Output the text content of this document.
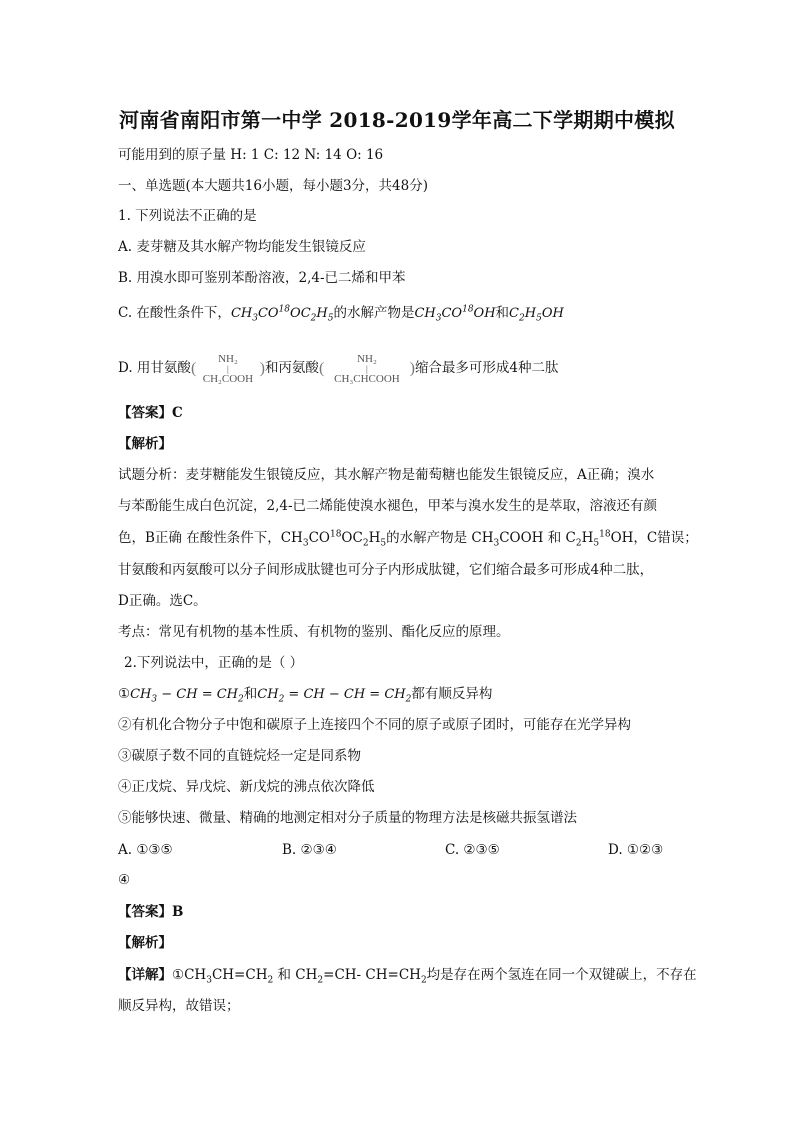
河南省南阳市第一中学 2018-2019学年高二下学期期中模拟
可能用到的原子量 H: 1 C: 12 N: 14 O: 16
一、单选题(本大题共16小题，每小题3分，共48分)
1. 下列说法不正确的是
A. 麦芽糖及其水解产物均能发生银镜反应
B. 用溴水即可鉴别苯酚溶液，2,4-已二烯和甲苯
C. 在酸性条件下，$CH_3CO^{18}OC_2H_5$的水解产物是$CH_3CO^{18}OH$和$C_2H_5OH$
D. 用甘氨酸 (
NH₂
|
CH₂COOH
) 和丙氨酸 (
NH₂
|
CH₃CHCOOH
) 缩合最多可形成4种二肽
【答案】C
【解析】
试题分析：麦芽糖能发生银镜反应，其水解产物是葡萄糖也能发生银镜反应，A正确；溴水
与苯酚能生成白色沉淀，2,4-已二烯能使溴水褪色，甲苯与溴水发生的是萃取，溶液还有颜
色，B正确 在酸性条件下，$CH_3CO^{18}OC_2H_5$的水解产物是 $CH_3COOH$ 和 $C_2H_5^{18}OH$，C错误；
甘氨酸和丙氨酸可以分子间形成肽键也可分子内形成肽键，它们缩合最多可形成4种二肽，
D正确。选C。
考点：常见有机物的基本性质、有机物的鉴别、酯化反应的原理。
2.下列说法中，正确的是（ ）
$①CH_3$ − CH = $CH_2$和$CH_2$ = CH − CH = $CH_2$都有顺反异构
②有机化合物分子中饱和碳原子上连接四个不同的原子或原子团时，可能存在光学异构
③碳原子数不同的直链烷烃一定是同系物
④正戊烷、异戊烷、新戊烷的沸点依次降低
⑤能够快速、微量、精确的地测定相对分子质量的物理方法是核磁共振氢谱法
A. ①③⑤	B. ②③④	C. ②③⑤	D. ①②③
④
【答案】B
【解析】
【详解】$①CH_3CH=CH_2$ 和 $CH_2=CH-$ $CH=CH_2$均是存在两个氢连在同一个双键碳上，不存在
顺反异构，故错误；
